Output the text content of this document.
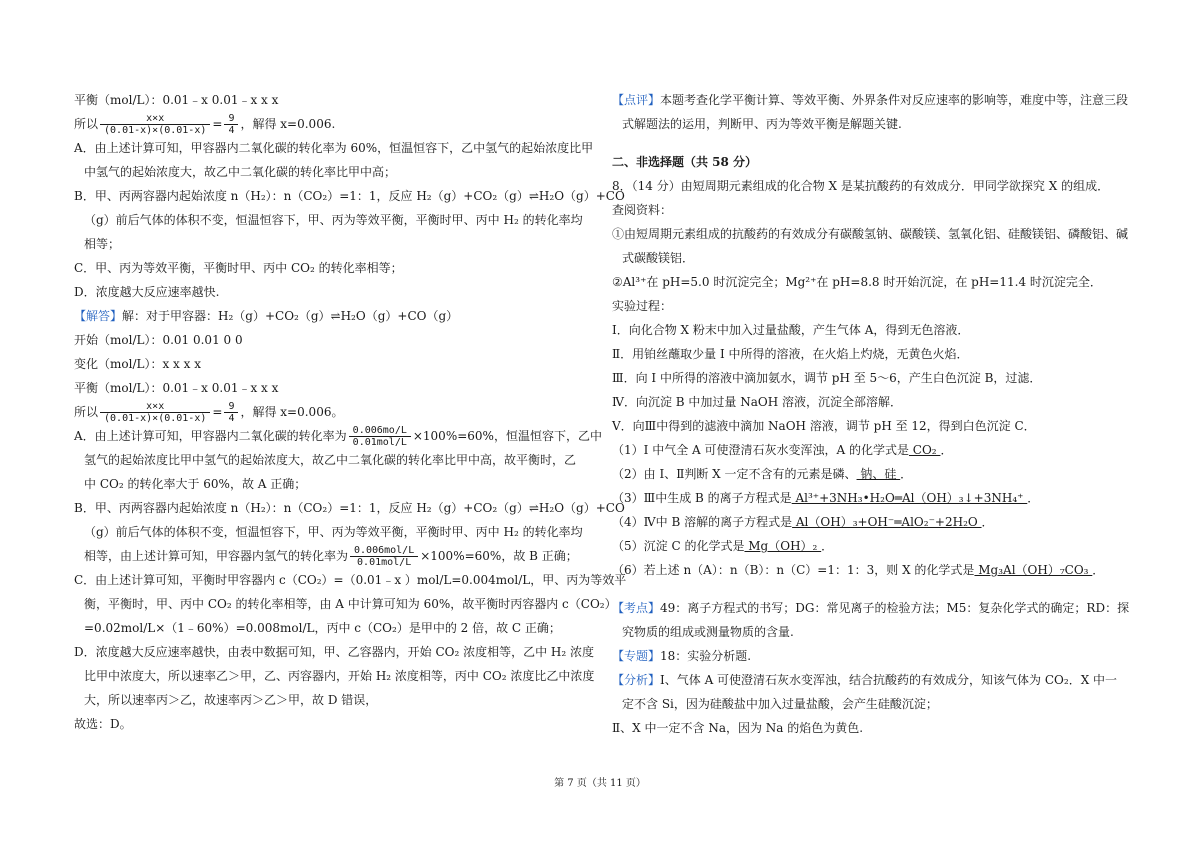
平衡（mol/L）：0.01﹣x 0.01﹣x x x
所以 $\frac{x\times x}{(0.01-x)\times(0.01-x)} = \frac{9}{4}$ ，解得 x=0.006.
A．由上述计算可知，甲容器内二氧化碳的转化率为 60%，恒温恒容下，乙中氢气的起始浓度比甲
中氢气的起始浓度大，故乙中二氧化碳的转化率比甲中高；
B．甲、丙两容器内起始浓度 n（H₂）：n（CO₂）=1：1，反应 H₂（g）+CO₂（g）⇌H₂O（g）+CO
（g）前后气体的体积不变，恒温恒容下，甲、丙为等效平衡，平衡时甲、丙中 H₂ 的转化率均
相等；
C．甲、丙为等效平衡，平衡时甲、丙中 CO₂ 的转化率相等；
D．浓度越大反应速率越快.
【解答】解：对于甲容器：H₂（g）+CO₂（g）⇌H₂O（g）+CO（g）
开始（mol/L）：0.01 0.01 0 0
变化（mol/L）：x x x x
平衡（mol/L）：0.01﹣x 0.01﹣x x x
所以 $\frac{x\times x}{(0.01-x)\times(0.01-x)} = \frac{9}{4}$ ，解得 x=0.006。
A．由上述计算可知，甲容器内二氧化碳的转化率为 $\frac{0.006mo/L}{\text{0.01mol/L}} \times 100\%=60\%$，恒温恒容下，乙中
氢气的起始浓度比甲中氢气的起始浓度大，故乙中二氧化碳的转化率比甲中高，故平衡时，乙
中 CO₂ 的转化率大于 60%，故 A 正确；
B．甲、丙两容器内起始浓度 n（H₂）：n（CO₂）=1：1，反应 H₂（g）+CO₂（g）⇌H₂O（g）+CO
（g）前后气体的体积不变，恒温恒容下，甲、丙为等效平衡，平衡时甲、丙中 H₂ 的转化率均
相等，由上述计算可知，甲容器内氢气的转化率为 $\frac{\text{0.006mol/L}}{\text{0.01mol/L}} \times 100\%=60\%$，故 B 正确；
C．由上述计算可知，平衡时甲容器内 c（CO₂）=（0.01﹣x ）mol/L=0.004mol/L，甲、丙为等效平
衡，平衡时，甲、丙中 CO₂ 的转化率相等，由 A 中计算可知为 60%，故平衡时丙容器内 c（CO₂）
=0.02mol/L×（1﹣60%）=0.008mol/L，丙中 c（CO₂）是甲中的 2 倍，故 C 正确；
D．浓度越大反应速率越快，由表中数据可知，甲、乙容器内，开始 CO₂ 浓度相等，乙中 H₂ 浓度
比甲中浓度大，所以速率乙＞甲，乙、丙容器内，开始 H₂ 浓度相等，丙中 CO₂ 浓度比乙中浓度
大，所以速率丙＞乙，故速率丙＞乙＞甲，故 D 错误，
故选：D。
【点评】本题考查化学平衡计算、等效平衡、外界条件对反应速率的影响等，难度中等，注意三段
式解题法的运用，判断甲、丙为等效平衡是解题关键.
二、非选择题（共 58 分）
8．（14 分）由短周期元素组成的化合物 X 是某抗酸药的有效成分．甲同学欲探究 X 的组成．
查阅资料：
①由短周期元素组成的抗酸药的有效成分有碳酸氢钠、碳酸镁、氢氧化铝、硅酸镁铝、磷酸铝、碱
式碳酸镁铝．
②Al³⁺在 pH=5.0 时沉淀完全；Mg²⁺在 pH=8.8 时开始沉淀，在 pH=11.4 时沉淀完全．
实验过程：
I．向化合物 X 粉末中加入过量盐酸，产生气体 A，得到无色溶液．
Ⅱ．用铂丝蘸取少量 I 中所得的溶液，在火焰上灼烧，无黄色火焰．
Ⅲ．向 I 中所得的溶液中滴加氨水，调节 pH 至 5～6，产生白色沉淀 B，过滤．
Ⅳ．向沉淀 B 中加过量 NaOH 溶液，沉淀全部溶解．
Ⅴ．向Ⅲ中得到的滤液中滴加 NaOH 溶液，调节 pH 至 12，得到白色沉淀 C．
（1）I 中气全 A 可使澄清石灰水变浑浊，A 的化学式是 CO₂ ．
（2）由 I、Ⅱ判断 X 一定不含有的元素是磷、 钠、硅 ．
（3）Ⅲ中生成 B 的离子方程式是 Al³⁺+3NH₃•H₂O═Al（OH）₃↓+3NH₄⁺ ．
（4）Ⅳ中 B 溶解的离子方程式是 Al（OH）₃+OH⁻═AlO₂⁻+2H₂O ．
（5）沉淀 C 的化学式是 Mg（OH）₂ ．
（6）若上述 n（A）：n（B）：n（C）=1：1：3，则 X 的化学式是 Mg₃Al（OH）₇CO₃ ．
【考点】49：离子方程式的书写；DG：常见离子的检验方法；M5：复杂化学式的确定；RD：探
究物质的组成或测量物质的含量.
【专题】18：实验分析题.
【分析】Ⅰ、气体 A 可使澄清石灰水变浑浊，结合抗酸药的有效成分，知该气体为 CO₂．X 中一
定不含 Si，因为硅酸盐中加入过量盐酸，会产生硅酸沉淀；
Ⅱ、X 中一定不含 Na，因为 Na 的焰色为黄色.
第 7 页（共 11 页）
